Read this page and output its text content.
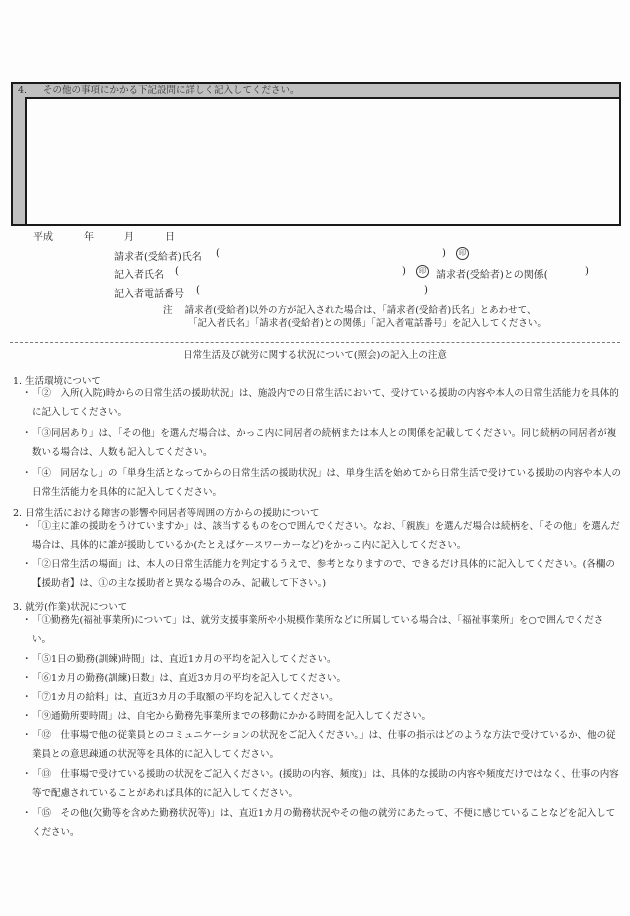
4. その他の事項にかかる下記設問に詳しく記入してください。
平成	年	月	日
請求者(受給者)氏名 (	)	印
記入者氏名 (	)	印	請求者(受給者)との関係(	)
記入者電話番号 (	)
注 請求者(受給者)以外の方が記入された場合は、「請求者(受給者)氏名」とあわせて、
「記入者氏名」「請求者(受給者)との関係」「記入者電話番号」を記入してください。
日常生活及び就労に関する状況について(照会)の記入上の注意
1. 生活環境について
・ 「②　入所(入院)時からの日常生活の援助状況」は、施設内での日常生活において、受けている援助の内容や本人の日常生活能力を具体的に記入してください。
・ 「③同居あり」は、「その他」を選んだ場合は、かっこ内に同居者の続柄または本人との関係を記載してください。同じ続柄の同居者が複数いる場合は、人数も記入してください。
・ 「④　同居なし」の「単身生活となってからの日常生活の援助状況」は、単身生活を始めてから日常生活で受けている援助の内容や本人の日常生活能力を具体的に記入してください。
2. 日常生活における障害の影響や同居者等周囲の方からの援助について
・ 「①主に誰の援助をうけていますか」は、該当するものを○で囲んでください。なお、「親族」を選んだ場合は続柄を、「その他」を選んだ場合は、具体的に誰が援助しているか(たとえばケースワーカーなど)をかっこ内に記入してください。
・ 「②日常生活の場面」は、本人の日常生活能力を判定するうえで、参考となりますので、できるだけ具体的に記入してください。(各欄の【援助者】は、①の主な援助者と異なる場合のみ、記載して下さい。)
3. 就労(作業)状況について
・ 「①勤務先(福祉事業所)について」は、就労支援事業所や小規模作業所などに所属している場合は、「福祉事業所」を○で囲んでください。
・ 「⑤1日の勤務(訓練)時間」は、直近1カ月の平均を記入してください。
・ 「⑥1カ月の勤務(訓練)日数」は、直近3カ月の平均を記入してください。
・ 「⑦1カ月の給料」は、直近3カ月の手取額の平均を記入してください。
・ 「⑨通勤所要時間」は、自宅から勤務先事業所までの移動にかかる時間を記入してください。
・ 「⑫　仕事場で他の従業員とのコミュニケーションの状況をご記入ください。」は、仕事の指示はどのような方法で受けているか、他の従業員との意思疎通の状況等を具体的に記入してください。
・ 「⑬　仕事場で受けている援助の状況をご記入ください。(援助の内容、頻度)」は、具体的な援助の内容や頻度だけではなく、仕事の内容等で配慮されていることがあれば具体的に記入してください。
・ 「⑮　その他(欠勤等を含めた勤務状況等)」は、直近1カ月の勤務状況やその他の就労にあたって、不便に感じていることなどを記入してください。
